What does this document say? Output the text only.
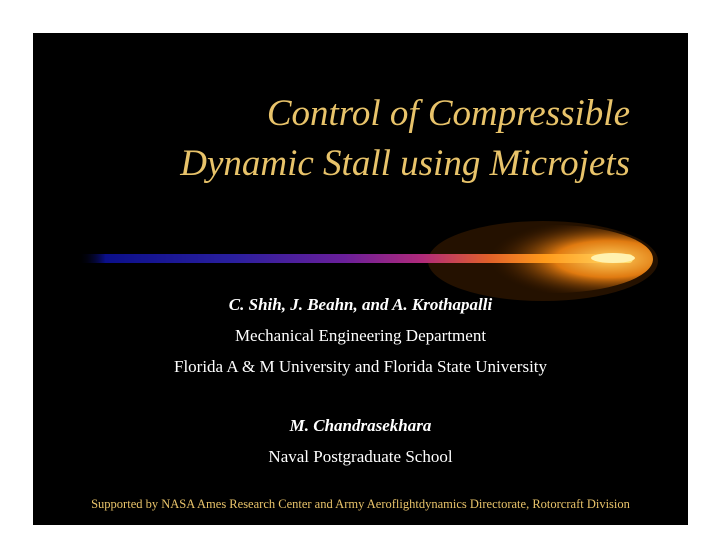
Control of Compressible
Dynamic Stall using Microjets
C. Shih, J. Beahn, and A. Krothapalli
Mechanical Engineering Department
Florida A & M University and Florida State University
M. Chandrasekhara
Naval Postgraduate School
Supported by NASA Ames Research Center and Army Aeroflightdynamics Directorate, Rotorcraft Division
